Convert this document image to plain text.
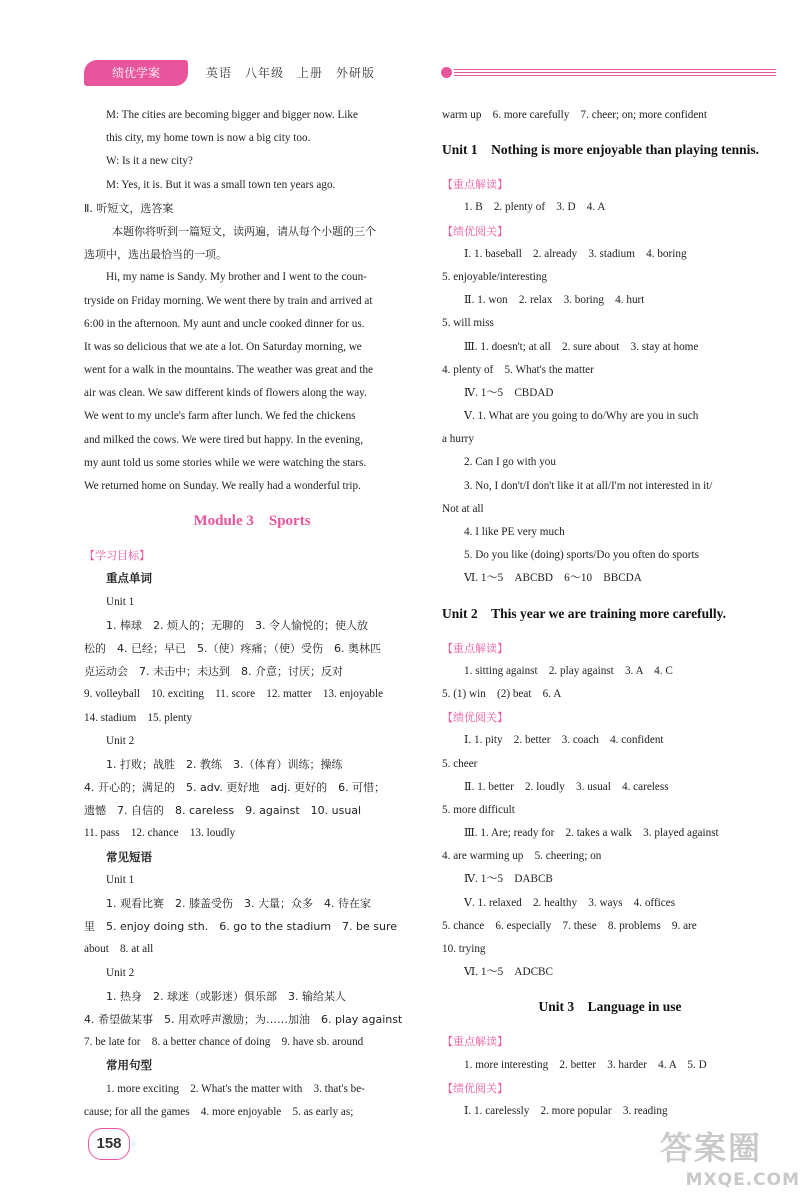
绩优学案	英语　八年级　上册　外研版
M: The cities are becoming bigger and bigger now. Like
this city, my home town is now a big city too.
W: Is it a new city?
M: Yes, it is. But it was a small town ten years ago.
Ⅱ. 听短文，选答案
本题你将听到一篇短文，读两遍，请从每个小题的三个
选项中，选出最恰当的一项。
Hi, my name is Sandy. My brother and I went to the coun-
tryside on Friday morning. We went there by train and arrived at
6:00 in the afternoon. My aunt and uncle cooked dinner for us.
It was so delicious that we ate a lot. On Saturday morning, we
went for a walk in the mountains. The weather was great and the
air was clean. We saw different kinds of flowers along the way.
We went to my uncle's farm after lunch. We fed the chickens
and milked the cows. We were tired but happy. In the evening,
my aunt told us some stories while we were watching the stars.
We returned home on Sunday. We really had a wonderful trip.
Module 3　Sports
【学习目标】
重点单词
Unit 1
1. 棒球　2. 烦人的；无聊的　3. 令人愉悦的；使人放
松的　4. 已经；早已　5.（使）疼痛；（使）受伤　6. 奥林匹
克运动会　7. 未击中；未达到　8. 介意；讨厌；反对
9. volleyball　10. exciting　11. score　12. matter　13. enjoyable
14. stadium　15. plenty
Unit 2
1. 打败；战胜　2. 教练　3.（体育）训练；操练
4. 开心的；满足的　5. adv. 更好地　adj. 更好的　6. 可惜；
遗憾　7. 自信的　8. careless　9. against　10. usual
11. pass　12. chance　13. loudly
常见短语
Unit 1
1. 观看比赛　2. 膝盖受伤　3. 大量；众多　4. 待在家
里　5. enjoy doing sth.　6. go to the stadium　7. be sure
about　8. at all
Unit 2
1. 热身　2. 球迷（或影迷）俱乐部　3. 输给某人
4. 希望做某事　5. 用欢呼声激励；为……加油　6. play against
7. be late for　8. a better chance of doing　9. have sb. around
常用句型
1. more exciting　2. What's the matter with　3. that's be-
cause; for all the games　4. more enjoyable　5. as early as;
warm up　6. more carefully　7. cheer; on; more confident
Unit 1　Nothing is more enjoyable than playing tennis.
【重点解读】
1. B　2. plenty of　3. D　4. A
【绩优阅关】
Ⅰ. 1. baseball　2. already　3. stadium　4. boring
5. enjoyable/interesting
Ⅱ. 1. won　2. relax　3. boring　4. hurt
5. will miss
Ⅲ. 1. doesn't; at all　2. sure about　3. stay at home
4. plenty of　5. What's the matter
Ⅳ. 1～5　CBDAD
Ⅴ. 1. What are you going to do/Why are you in such
a hurry
2. Can I go with you
3. No, I don't/I don't like it at all/I'm not interested in it/
Not at all
4. I like PE very much
5. Do you like (doing) sports/Do you often do sports
Ⅵ. 1～5　ABCBD　6～10　BBCDA
Unit 2　This year we are training more carefully.
【重点解读】
1. sitting against　2. play against　3. A　4. C
5. (1) win　(2) beat　6. A
【绩优阅关】
Ⅰ. 1. pity　2. better　3. coach　4. confident
5. cheer
Ⅱ. 1. better　2. loudly　3. usual　4. careless
5. more difficult
Ⅲ. 1. Are; ready for　2. takes a walk　3. played against
4. are warming up　5. cheering; on
Ⅳ. 1～5　DABCB
Ⅴ. 1. relaxed　2. healthy　3. ways　4. offices
5. chance　6. especially　7. these　8. problems　9. are
10. trying
Ⅵ. 1～5　ADCBC
Unit 3　Language in use
【重点解读】
1. more interesting　2. better　3. harder　4. A　5. D
【绩优阅关】
Ⅰ. 1. carelessly　2. more popular　3. reading
158	答案圈
MXQE.COM
